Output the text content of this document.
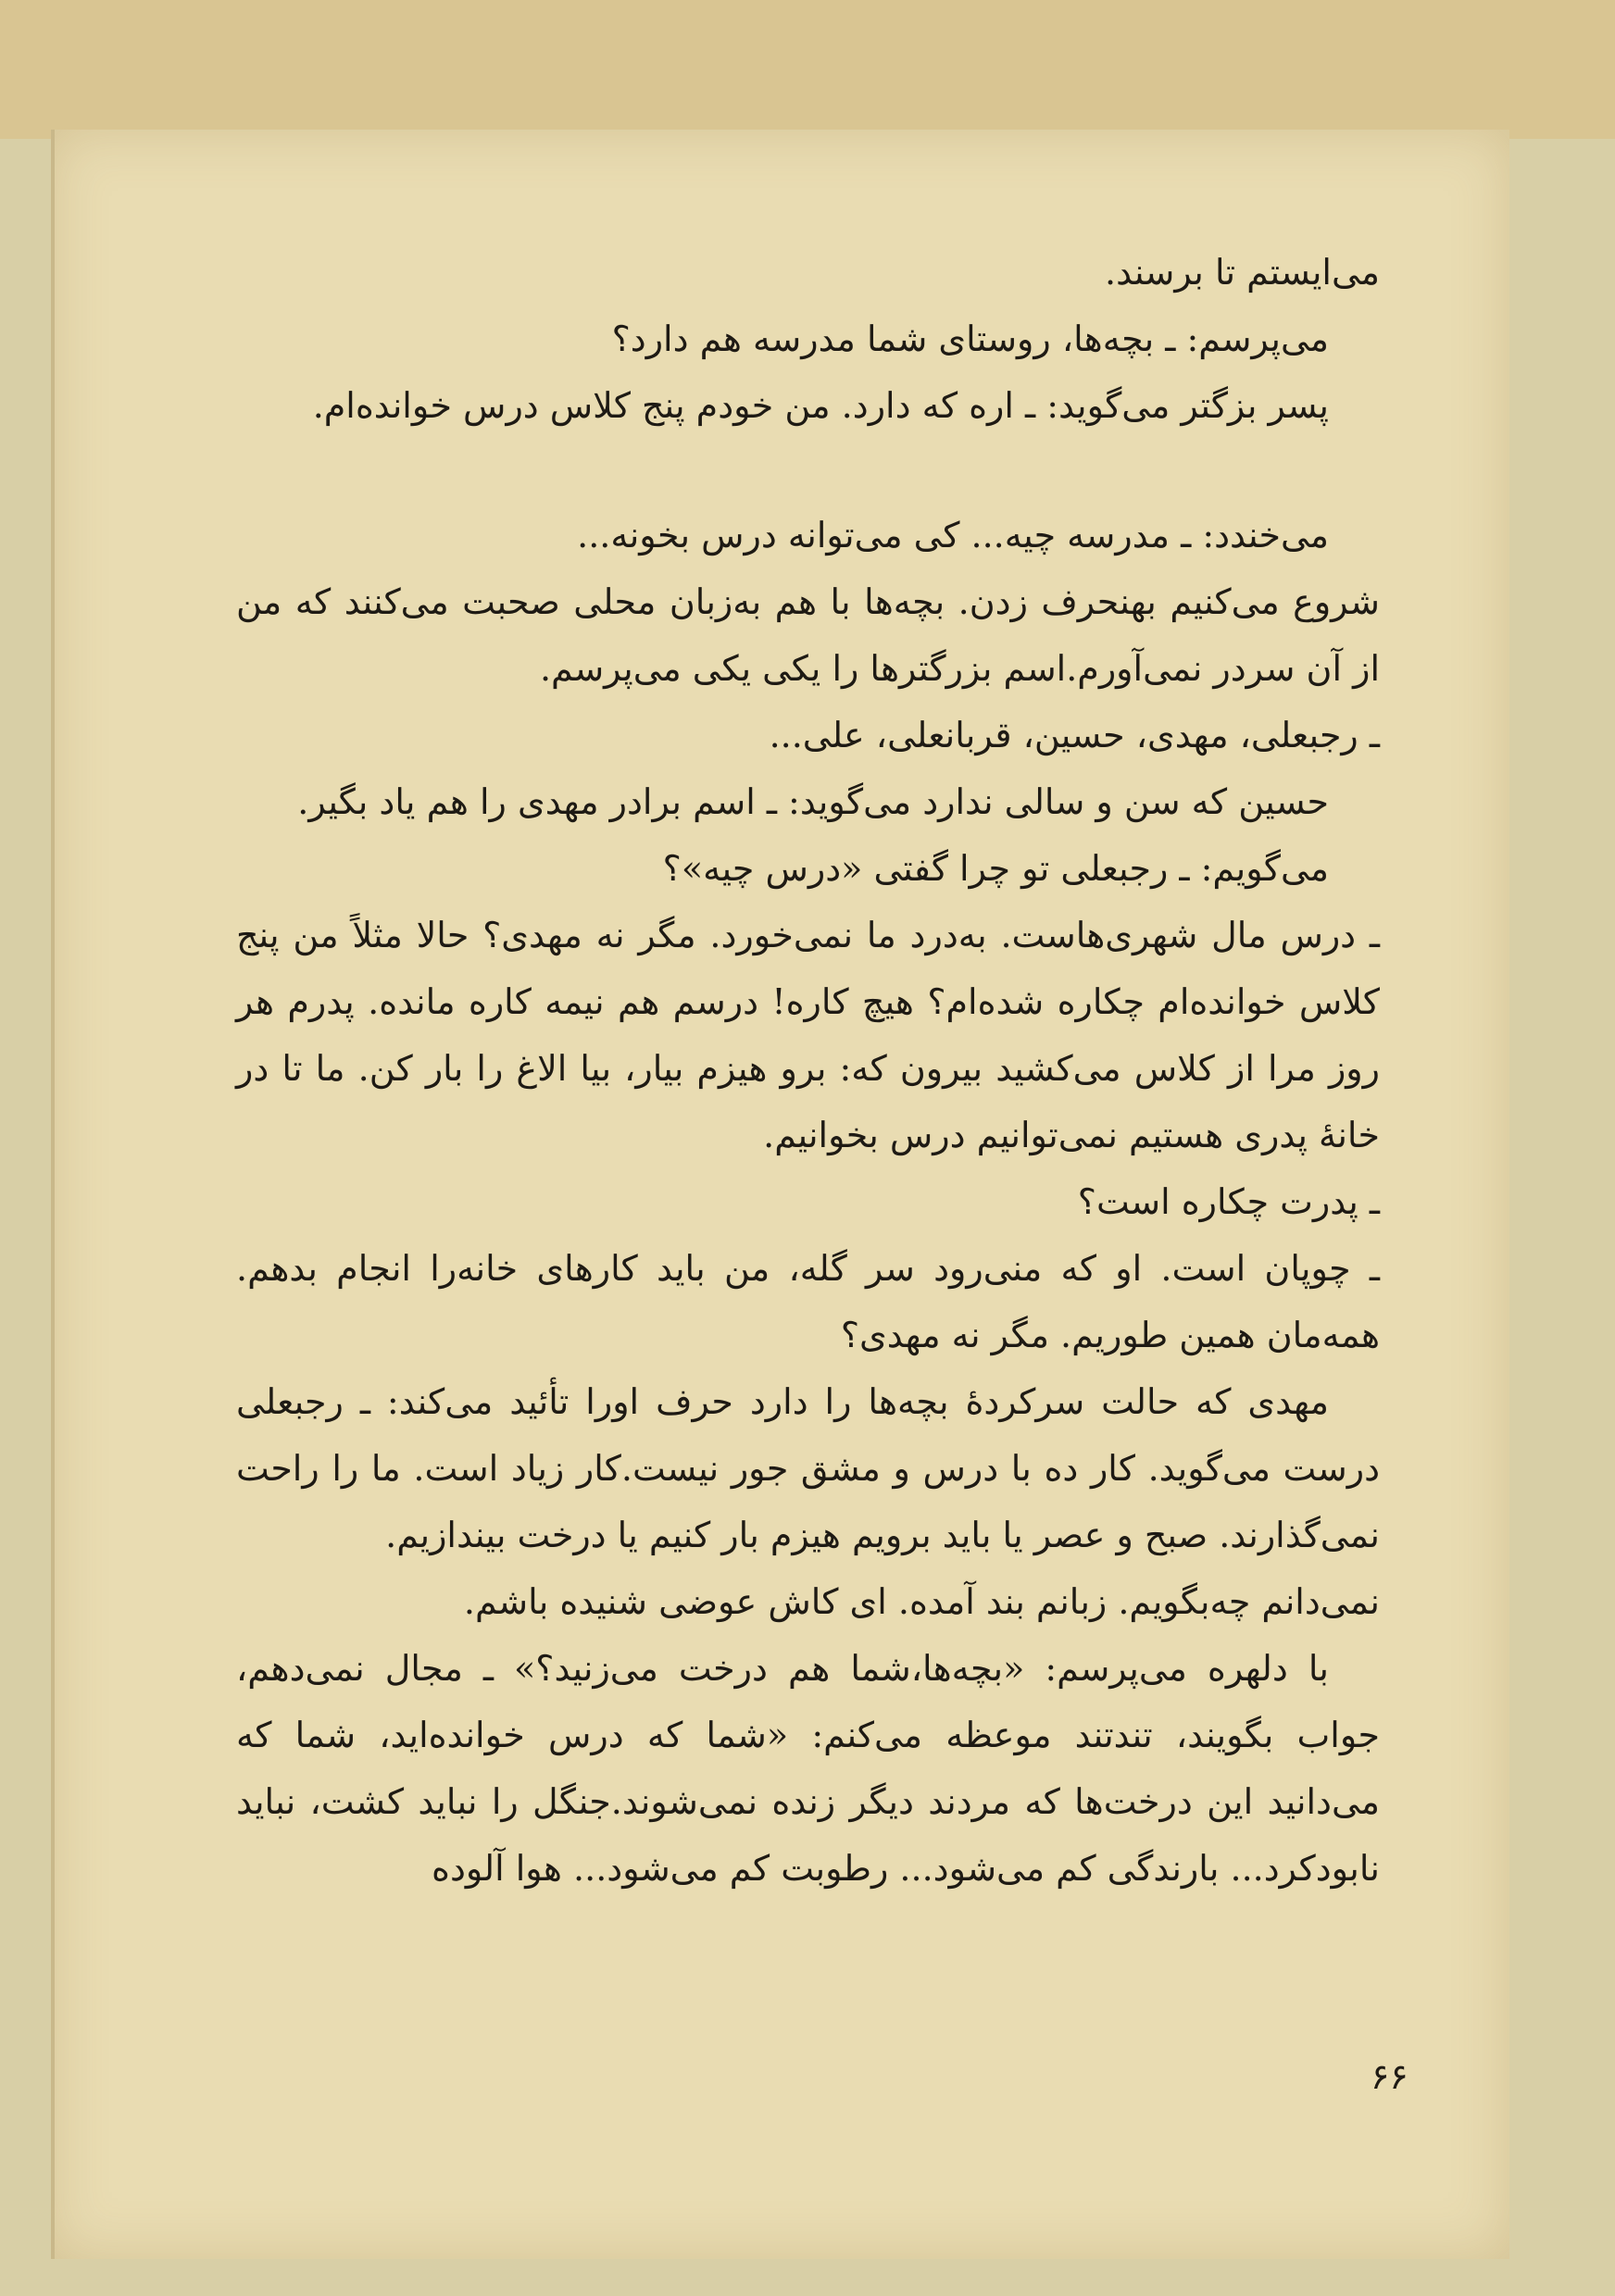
می‌ایستم تا برسند.

می‌پرسم: ـ بچه‌ها، روستای شما مدرسه هم دارد؟

پسر بزگتر می‌گوید: ـ اره که دارد. من خودم پنج کلاس درس خوانده‌ام.

می‌خندد: ـ مدرسه چیه... کی می‌توانه درس بخونه...

شروع می‌کنیم بهنحرف زدن. بچه‌ها با هم به‌زبان محلی صحبت می‌کنند که من از آن سردر نمی‌آورم.اسم بزرگترها را یکی یکی می‌پرسم.

ـ رجبعلی، مهدی، حسین، قربانعلی، علی...

حسین که سن و سالی ندارد می‌گوید: ـ اسم برادر مهدی را هم یاد بگیر.

می‌گویم: ـ رجبعلی تو چرا گفتی «درس چیه»؟

ـ درس مال شهری‌هاست. به‌درد ما نمی‌خورد. مگر نه مهدی؟ حالا مثلاً من پنج کلاس خوانده‌ام چکاره شده‌ام؟ هیچ کاره! درسم هم نیمه کاره مانده. پدرم هر روز مرا از کلاس می‌کشید بیرون که: برو هیزم بیار، بیا الاغ را بار کن. ما تا در خانهٔ پدری هستیم نمی‌توانیم درس بخوانیم.

ـ پدرت چکاره است؟

ـ چوپان است. او که منی‌رود سر گله، من باید کارهای خانه‌را انجام بدهم. همه‌مان همین طوریم. مگر نه مهدی؟

مهدی که حالت سرکردهٔ بچه‌ها را دارد حرف اورا تأئید می‌کند: ـ رجبعلی درست می‌گوید. کار ده با درس و مشق جور نیست.کار زیاد است. ما را راحت نمی‌گذارند. صبح و عصر یا باید برویم هیزم بار کنیم یا درخت بیندازیم.

نمی‌دانم چه‌بگویم. زبانم بند آمده. ای کاش عوضی شنیده باشم.

با دلهره می‌پرسم: «بچه‌ها،شما هم درخت می‌زنید؟» ـ مجال نمی‌دهم، جواب بگویند، تندتند موعظه می‌کنم: «شما که درس خوانده‌اید، شما که می‌دانید این درخت‌ها که مردند دیگر زنده نمی‌شوند.جنگل را نباید کشت، نباید نابودکرد... بارندگی کم می‌شود... رطوبت کم می‌شود... هوا آلوده

۶۶
